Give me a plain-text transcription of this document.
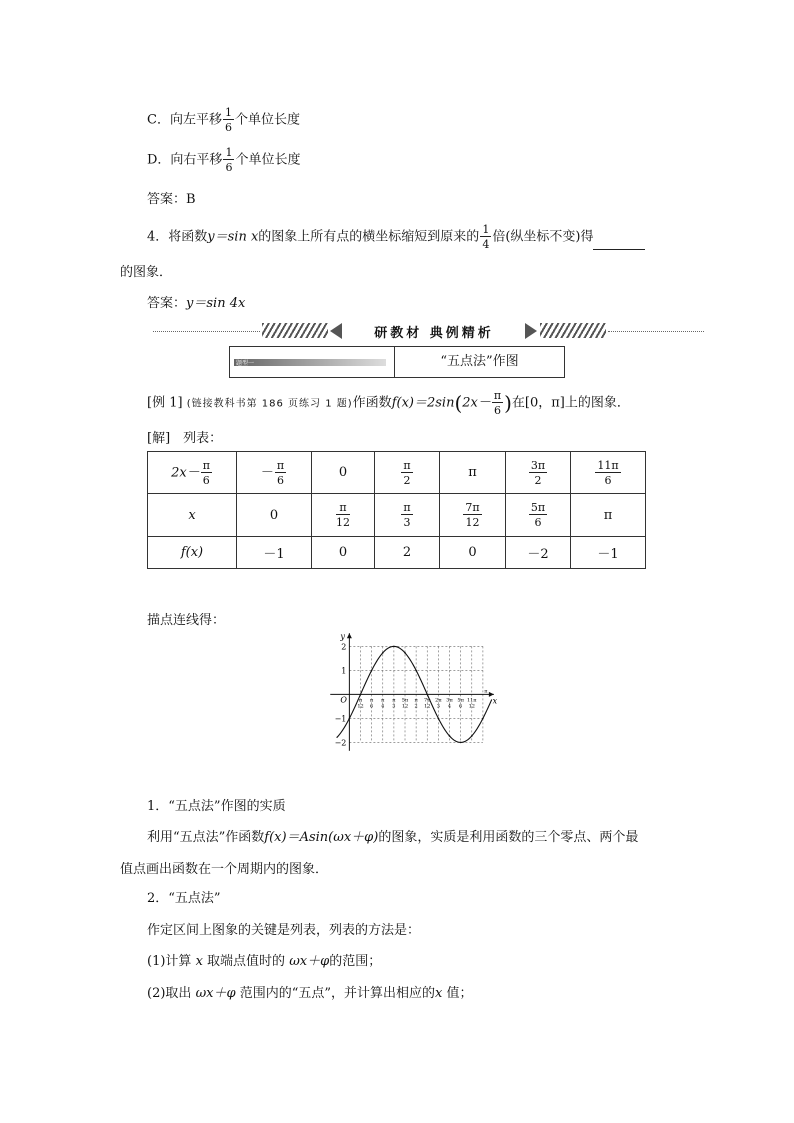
C．向左平移 $\frac{1}{6}$ 个单位长度
D．向右平移 $\frac{1}{6}$ 个单位长度
答案：B
4．将函数y＝sin x的图象上所有点的横坐标缩短到原来的 $\frac{1}{4}$ 倍(纵坐标不变)得
的图象．
答案：y＝sin 4x
研教材 典例精析
题型一	“五点法”作图
[例 1] (链接教科书第 186 页练习 1 题)作函数$f(x)=2\sin(2x- \frac{\pi}{6}$ )在[0，π]上的图象．
[解]　列表：
$2x- \frac{\pi}{6}$	－ $\frac{\pi}{6}$	0	$\frac{\pi}{2}$	π	$\frac{3\pi}{2}$	$\frac{11\pi}{6}$

x	0	$\frac{\pi}{12}$	$\frac{\pi}{3}$	$\frac{7\pi}{12}$	$\frac{5\pi}{6}$	π
f(x)	－1	0	2	0	－2	－1
描点连线得：
x
y
O
2
1
−1
−2
π
12
π
6
π
4
π
3
5π
12
π
2
7π
12
2π
3
3π
4
5π
6
11π
12
π
1．“五点法”作图的实质
利用“五点法”作函数f(x)＝Asin(ωx＋φ)的图象，实质是利用函数的三个零点、两个最
值点画出函数在一个周期内的图象．
2．“五点法”
作定区间上图象的关键是列表，列表的方法是：
(1)计算 x 取端点值时的 ωx＋φ的范围；
(2)取出 ωx＋φ 范围内的“五点”，并计算出相应的x 值；
